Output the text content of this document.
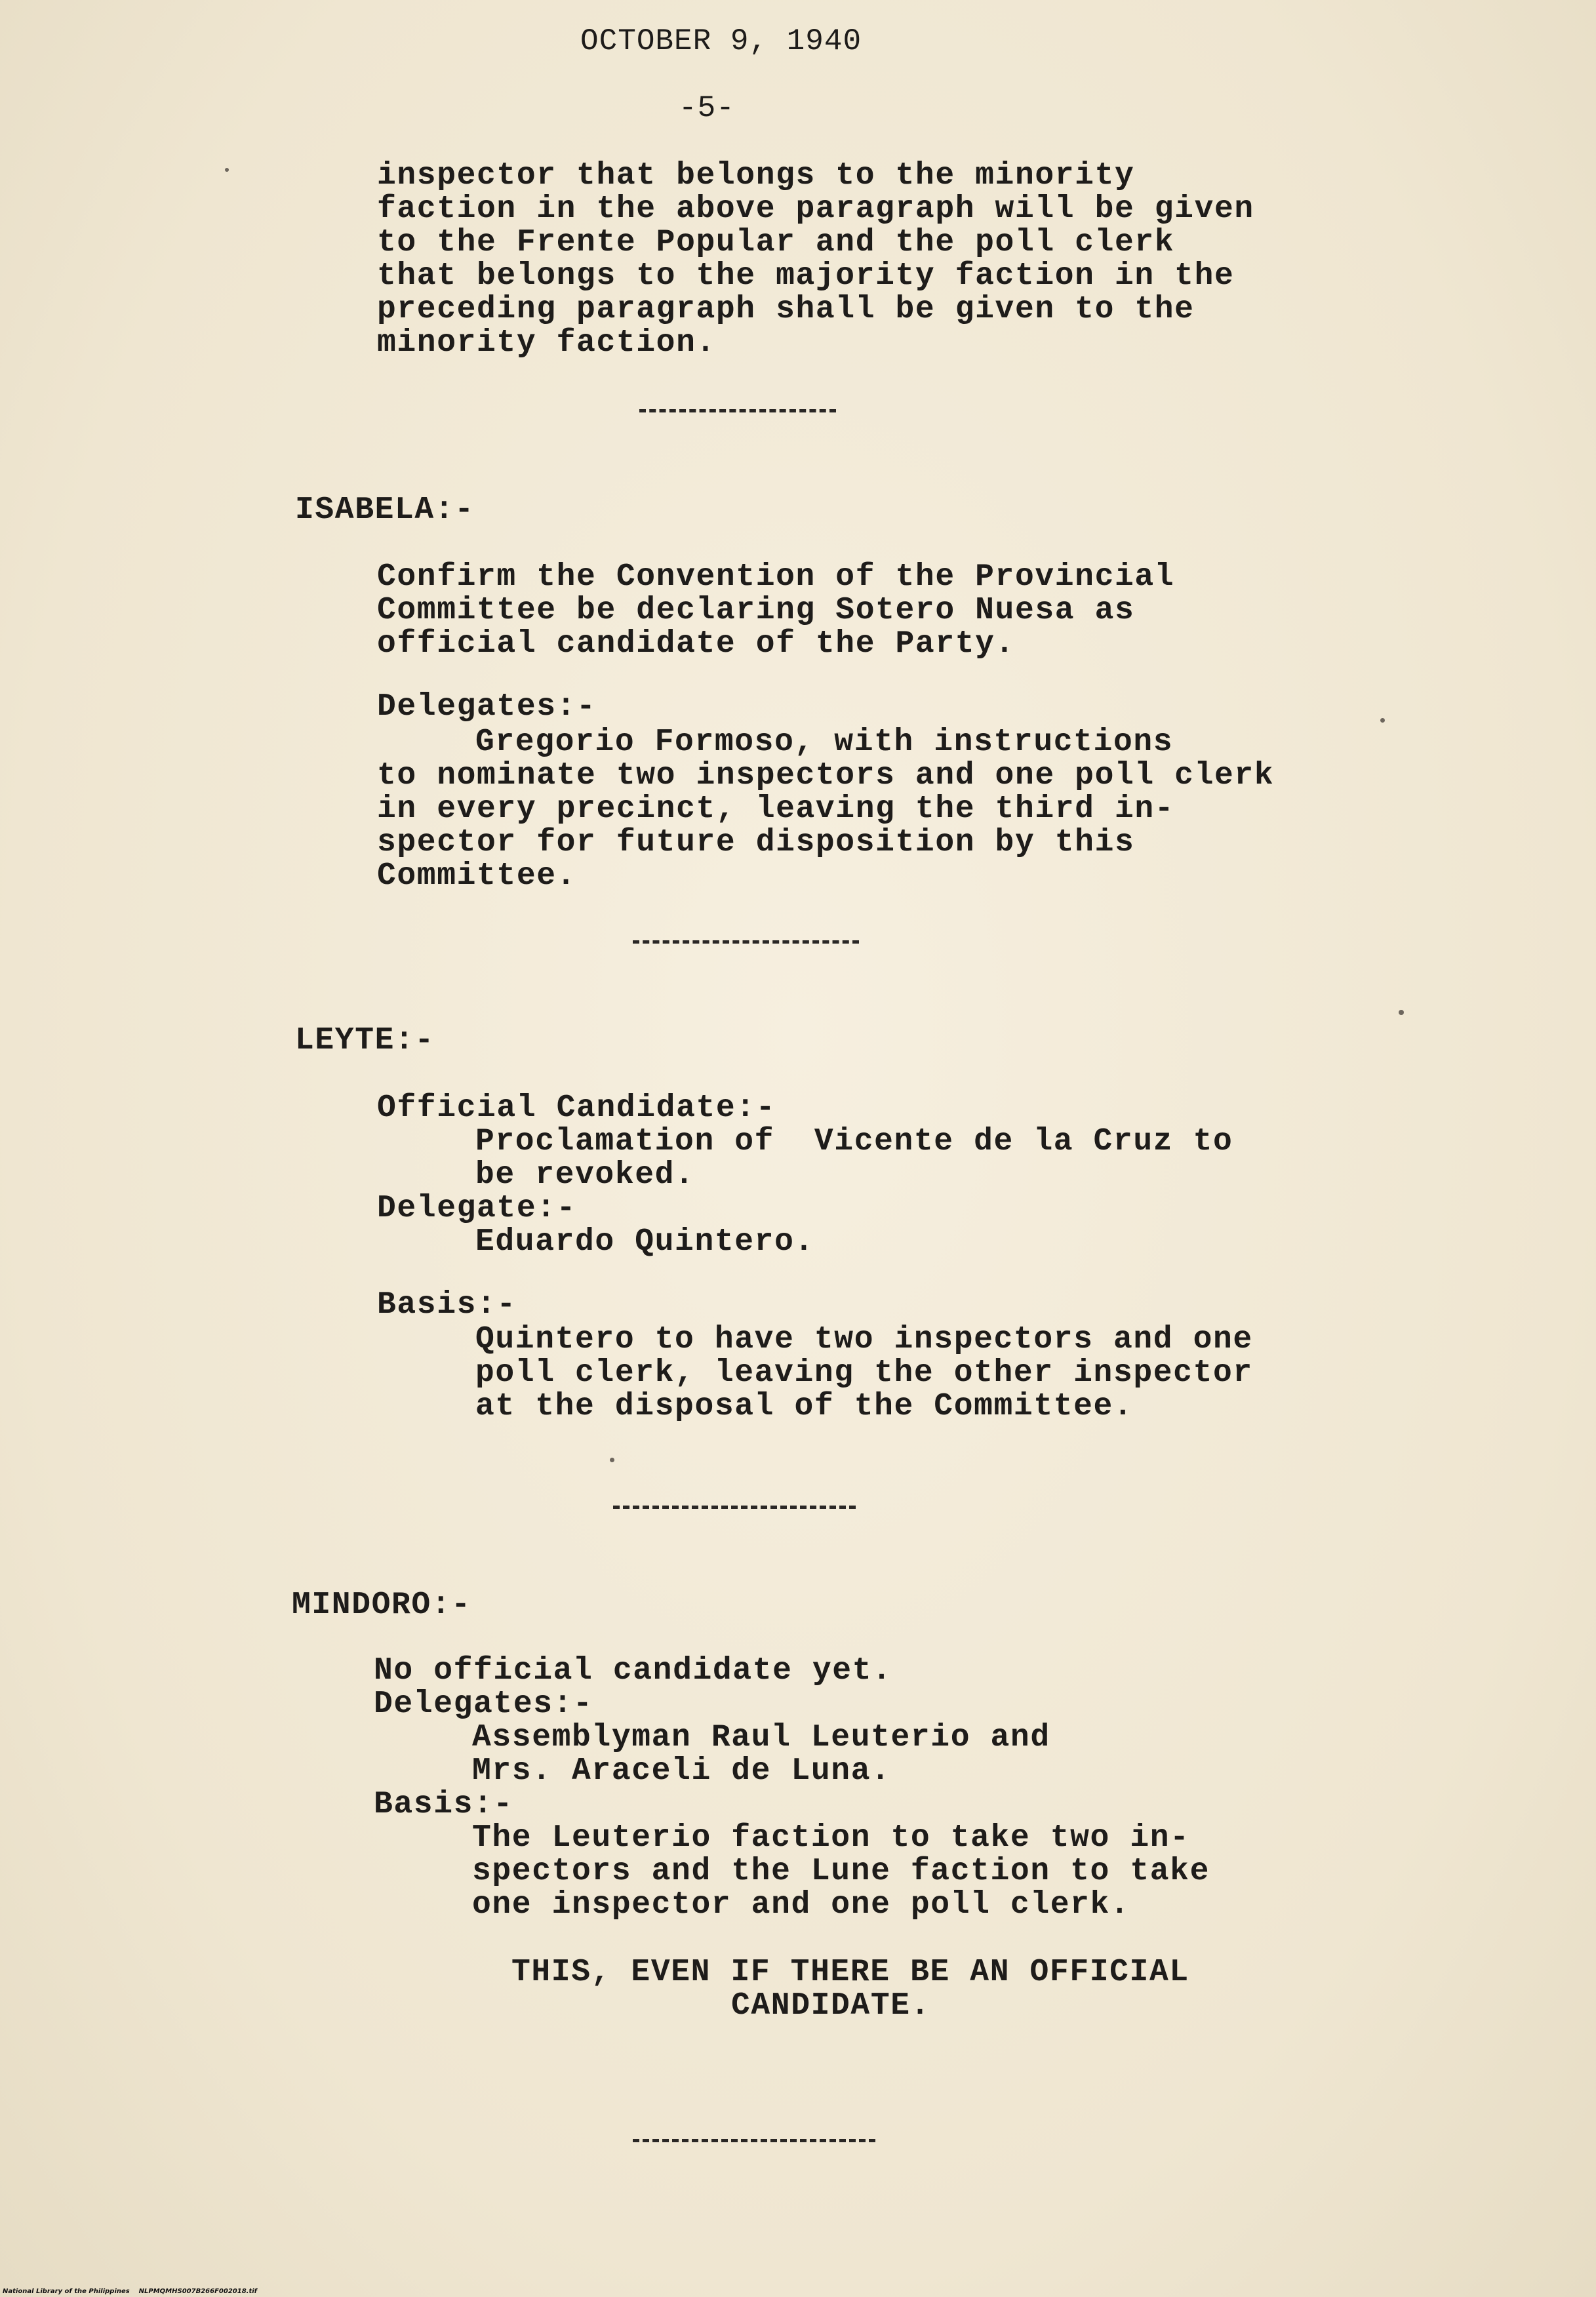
OCTOBER 9, 1940
-5-
inspector that belongs to the minority
faction in the above paragraph will be given
to the Frente Popular and the poll clerk
that belongs to the majority faction in the
preceding paragraph shall be given to the
minority faction.
ISABELA:-
Confirm the Convention of the Provincial
Committee be declaring Sotero Nuesa as
official candidate of the Party.
Delegates:-
Gregorio Formoso, with instructions
to nominate two inspectors and one poll clerk
in every precinct, leaving the third in-
spector for future disposition by this
Committee.
LEYTE:-
Official Candidate:-
Proclamation of  Vicente de la Cruz to
be revoked.
Delegate:-
Eduardo Quintero.
Basis:-
Quintero to have two inspectors and one
poll clerk, leaving the other inspector
at the disposal of the Committee.
MINDORO:-
No official candidate yet.
Delegates:-
Assemblyman Raul Leuterio and
Mrs. Araceli de Luna.
Basis:-
The Leuterio faction to take two in-
spectors and the Lune faction to take
one inspector and one poll clerk.
THIS, EVEN IF THERE BE AN OFFICIAL
CANDIDATE.
National Library of the Philippines    NLPMQMHS007B266F002018.tif
